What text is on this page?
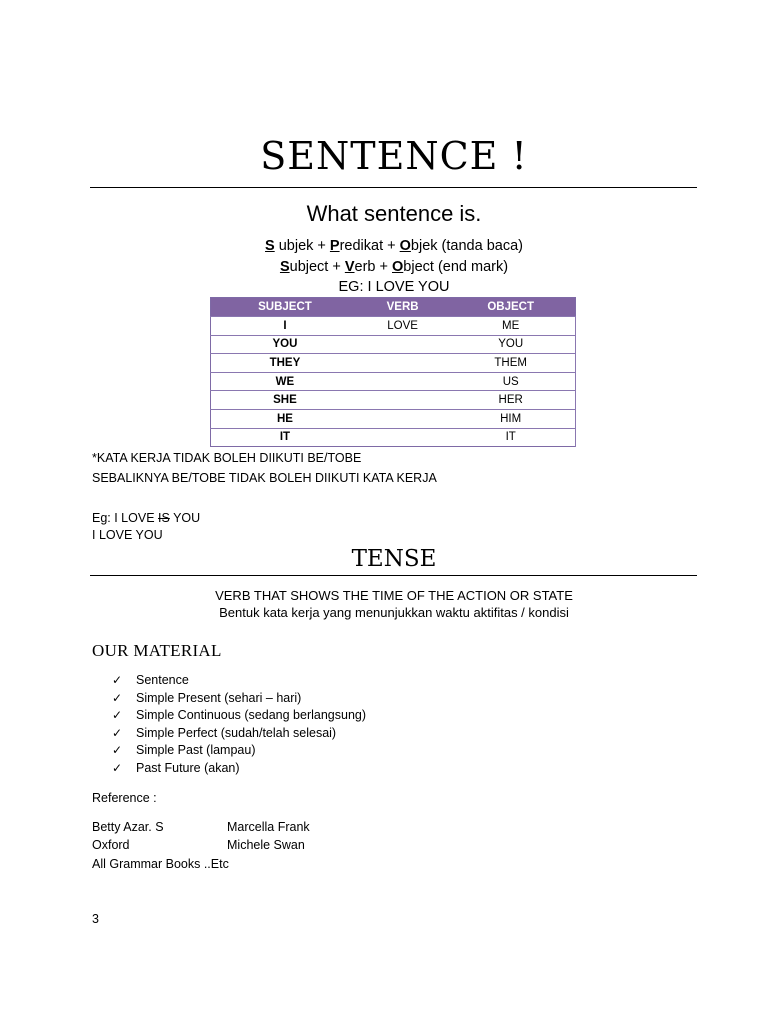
SENTENCE !
What sentence is.
S ubjek + Predikat + Objek (tanda baca)
Subject + Verb + Object (end mark)
EG: I LOVE YOU
SUBJECT	VERB	OBJECT
I	LOVE	ME
YOU		YOU
THEY		THEM
WE		US
SHE		HER
HE		HIM
IT		IT
*KATA KERJA TIDAK BOLEH DIIKUTI BE/TOBE
SEBALIKNYA BE/TOBE TIDAK BOLEH DIIKUTI KATA KERJA
Eg: I LOVE IS YOU
I LOVE YOU
TENSE
VERB THAT SHOWS THE TIME OF THE ACTION OR STATE
Bentuk kata kerja yang menunjukkan waktu aktifitas / kondisi
OUR MATERIAL
✓ Sentence
✓ Simple Present (sehari – hari)
✓ Simple Continuous (sedang berlangsung)
✓ Simple Perfect (sudah/telah selesai)
✓ Simple Past (lampau)
✓ Past Future (akan)
Reference :
Betty Azar. S	Marcella Frank
Oxford	Michele Swan
All Grammar Books ..Etc
3
